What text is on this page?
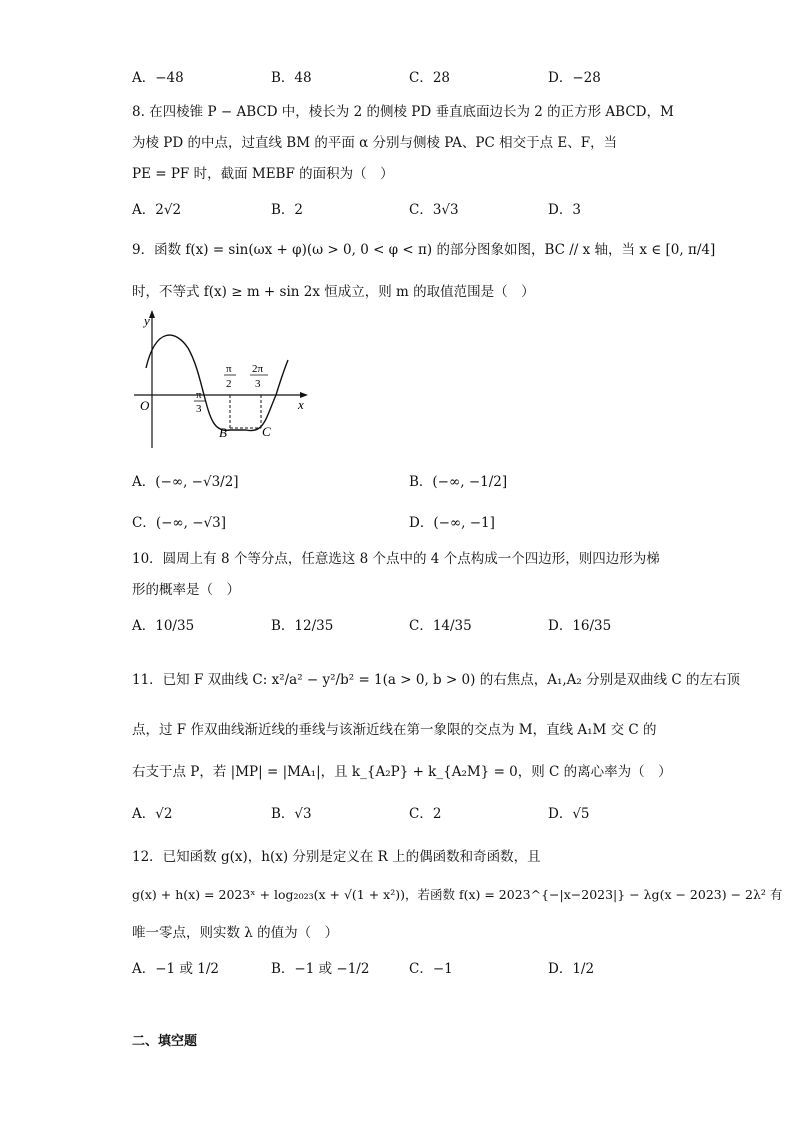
A．−48	B．48	C．28	D．−28
8. 在四棱锥 P − ABCD 中，棱长为 2 的侧棱 PD 垂直底面边长为 2 的正方形 ABCD，M
为棱 PD 的中点，过直线 BM 的平面 α 分别与侧棱 PA、PC 相交于点 E、F，当
PE = PF 时，截面 MEBF 的面积为（　）
A．2√2	B．2	C．3√3	D．3
9．函数 f(x) = sin(ωx + φ)(ω > 0, 0 < φ < π) 的部分图象如图，BC // x 轴，当 x ∈ [0, π/4]
时，不等式 f(x) ≥ m + sin 2x 恒成立，则 m 的取值范围是（　）
y
x
O
π
3
π
2
2π
3
B	C
A．(−∞, −√3/2]	B．(−∞, −1/2]
C．(−∞, −√3]	D．(−∞, −1]
10．圆周上有 8 个等分点，任意选这 8 个点中的 4 个点构成一个四边形，则四边形为梯
形的概率是（　）
A．10/35	B．12/35	C．14/35	D．16/35
11．已知 F 双曲线 C: x²/a² − y²/b² = 1(a > 0, b > 0) 的右焦点，A₁,A₂ 分别是双曲线 C 的左右顶
点，过 F 作双曲线渐近线的垂线与该渐近线在第一象限的交点为 M，直线 A₁M 交 C 的
右支于点 P，若 |MP| = |MA₁|，且 k_{A₂P} + k_{A₂M} = 0，则 C 的离心率为（　）
A．√2	B．√3	C．2	D．√5
12．已知函数 g(x)，h(x) 分别是定义在 R 上的偶函数和奇函数，且
g(x) + h(x) = 2023ˣ + log₂₀₂₃(x + √(1 + x²))，若函数 f(x) = 2023^{−|x−2023|} − λg(x − 2023) − 2λ² 有
唯一零点，则实数 λ 的值为（　）
A．−1 或 1/2	B．−1 或 −1/2	C．−1	D．1/2
二、填空题
